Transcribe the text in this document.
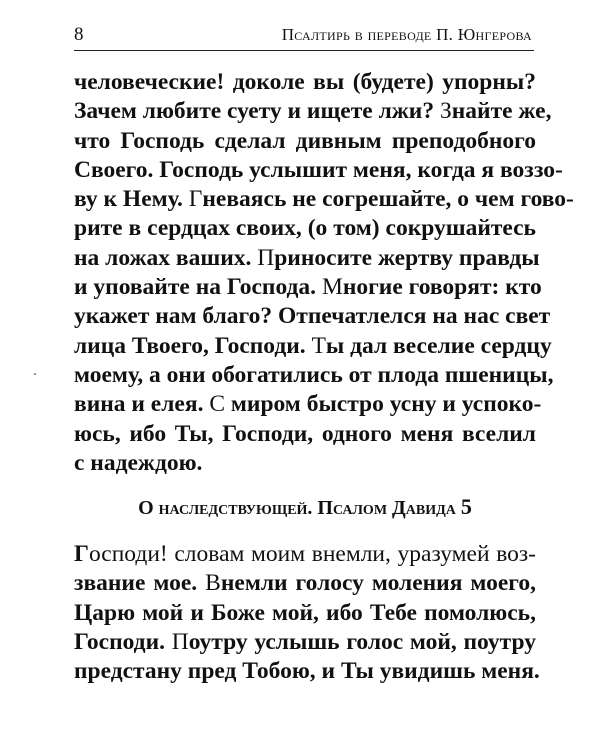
8	Псалтирь в переводе П. Юнгерова
человеческие! доколе вы (будете) упорны?
Зачем любите суету и ищете лжи? Знайте же,
что Господь сделал дивным преподобного
Своего. Господь услышит меня, когда я воззо-
ву к Нему. Гневаясь не согрешайте, о чем гово-
рите в сердцах своих, (о том) сокрушайтесь
на ложах ваших. Приносите жертву правды
и уповайте на Господа. Многие говорят: кто
укажет нам благо? Отпечатлелся на нас свет
лица Твоего, Господи. Ты дал веселие сердцу
моему, а они обогатились от плода пшеницы,
вина и елея. С миром быстро усну и успоко-
юсь, ибо Ты, Господи, одного меня вселил
с надеждою.
О наследствующей. Псалом Давида 5
Господи! словам моим внемли, уразумей воз-
звание мое. Внемли голосу моления моего,
Царю мой и Боже мой, ибо Тебе помолюсь,
Господи. Поутру услышь голос мой, поутру
предстану пред Тобою, и Ты увидишь меня.
